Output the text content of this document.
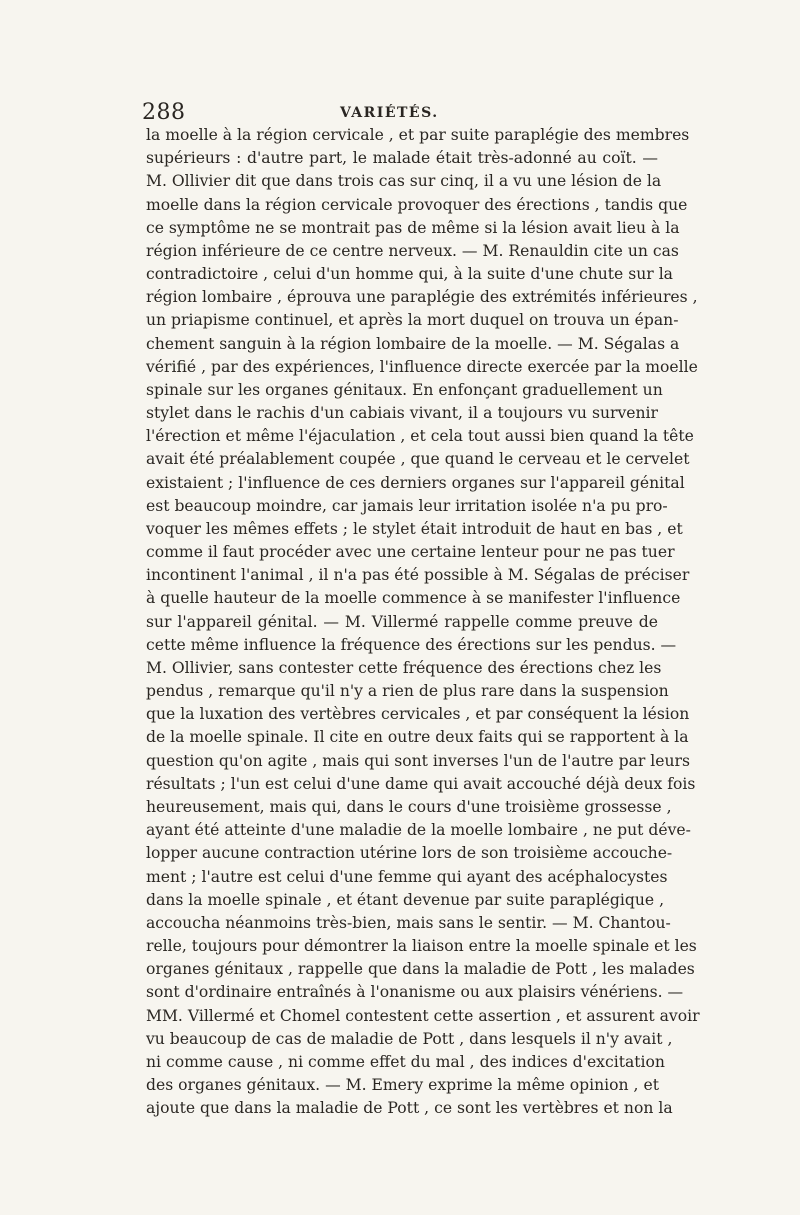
288	VARIÉTÉS.
la moelle à la région cervicale , et par suite paraplégie des membres
supérieurs : d'autre part, le malade était très-adonné au coït. —
M. Ollivier dit que dans trois cas sur cinq, il a vu une lésion de la
moelle dans la région cervicale provoquer des érections , tandis que
ce symptôme ne se montrait pas de même si la lésion avait lieu à la
région inférieure de ce centre nerveux. — M. Renauldin cite un cas
contradictoire , celui d'un homme qui, à la suite d'une chute sur la
région lombaire , éprouva une paraplégie des extrémités inférieures ,
un priapisme continuel, et après la mort duquel on trouva un épan-
chement sanguin à la région lombaire de la moelle. — M. Ségalas a
vérifié , par des expériences, l'influence directe exercée par la moelle
spinale sur les organes génitaux. En enfonçant graduellement un
stylet dans le rachis d'un cabiais vivant, il a toujours vu survenir
l'érection et même l'éjaculation , et cela tout aussi bien quand la tête
avait été préalablement coupée , que quand le cerveau et le cervelet
existaient ; l'influence de ces derniers organes sur l'appareil génital
est beaucoup moindre, car jamais leur irritation isolée n'a pu pro-
voquer les mêmes effets ; le stylet était introduit de haut en bas , et
comme il faut procéder avec une certaine lenteur pour ne pas tuer
incontinent l'animal , il n'a pas été possible à M. Ségalas de préciser
à quelle hauteur de la moelle commence à se manifester l'influence
sur l'appareil génital. — M. Villermé rappelle comme preuve de
cette même influence la fréquence des érections sur les pendus. —
M. Ollivier, sans contester cette fréquence des érections chez les
pendus , remarque qu'il n'y a rien de plus rare dans la suspension
que la luxation des vertèbres cervicales , et par conséquent la lésion
de la moelle spinale. Il cite en outre deux faits qui se rapportent à la
question qu'on agite , mais qui sont inverses l'un de l'autre par leurs
résultats ; l'un est celui d'une dame qui avait accouché déjà deux fois
heureusement, mais qui, dans le cours d'une troisième grossesse ,
ayant été atteinte d'une maladie de la moelle lombaire , ne put déve-
lopper aucune contraction utérine lors de son troisième accouche-
ment ; l'autre est celui d'une femme qui ayant des acéphalocystes
dans la moelle spinale , et étant devenue par suite paraplégique ,
accoucha néanmoins très-bien, mais sans le sentir. — M. Chantou-
relle, toujours pour démontrer la liaison entre la moelle spinale et les
organes génitaux , rappelle que dans la maladie de Pott , les malades
sont d'ordinaire entraînés à l'onanisme ou aux plaisirs vénériens. —
MM. Villermé et Chomel contestent cette assertion , et assurent avoir
vu beaucoup de cas de maladie de Pott , dans lesquels il n'y avait ,
ni comme cause , ni comme effet du mal , des indices d'excitation
des organes génitaux. — M. Emery exprime la même opinion , et
ajoute que dans la maladie de Pott , ce sont les vertèbres et non la
